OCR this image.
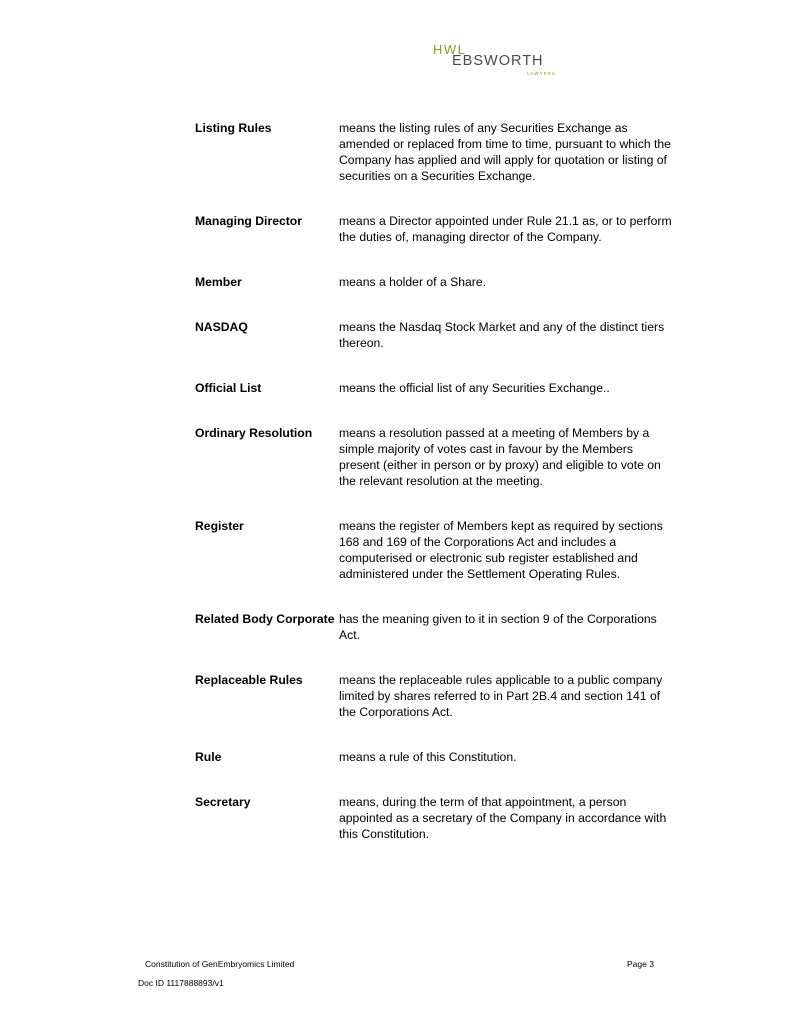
HWL
EBSWORTH
LAWYERS
Listing Rules	means the listing rules of any Securities Exchange as amended or replaced from time to time, pursuant to which the Company has applied and will apply for quotation or listing of securities on a Securities Exchange.
Managing Director	means a Director appointed under Rule 21.1 as, or to perform the duties of, managing director of the Company.
Member	means a holder of a Share.
NASDAQ	means the Nasdaq Stock Market and any of the distinct tiers thereon.
Official List	means the official list of any Securities Exchange..
Ordinary Resolution	means a resolution passed at a meeting of Members by a simple majority of votes cast in favour by the Members present (either in person or by proxy) and eligible to vote on the relevant resolution at the meeting.
Register	means the register of Members kept as required by sections 168 and 169 of the Corporations Act and includes a computerised or electronic sub register established and administered under the Settlement Operating Rules.
Related Body Corporate has the meaning given to it in section 9 of the Corporations Act.
Replaceable Rules	means the replaceable rules applicable to a public company limited by shares referred to in Part 2B.4 and section 141 of the Corporations Act.
Rule	means a rule of this Constitution.
Secretary	means, during the term of that appointment, a person appointed as a secretary of the Company in accordance with this Constitution.
Constitution of GenEmbryomics Limited	Page 3
Doc ID 1117888893/v1
